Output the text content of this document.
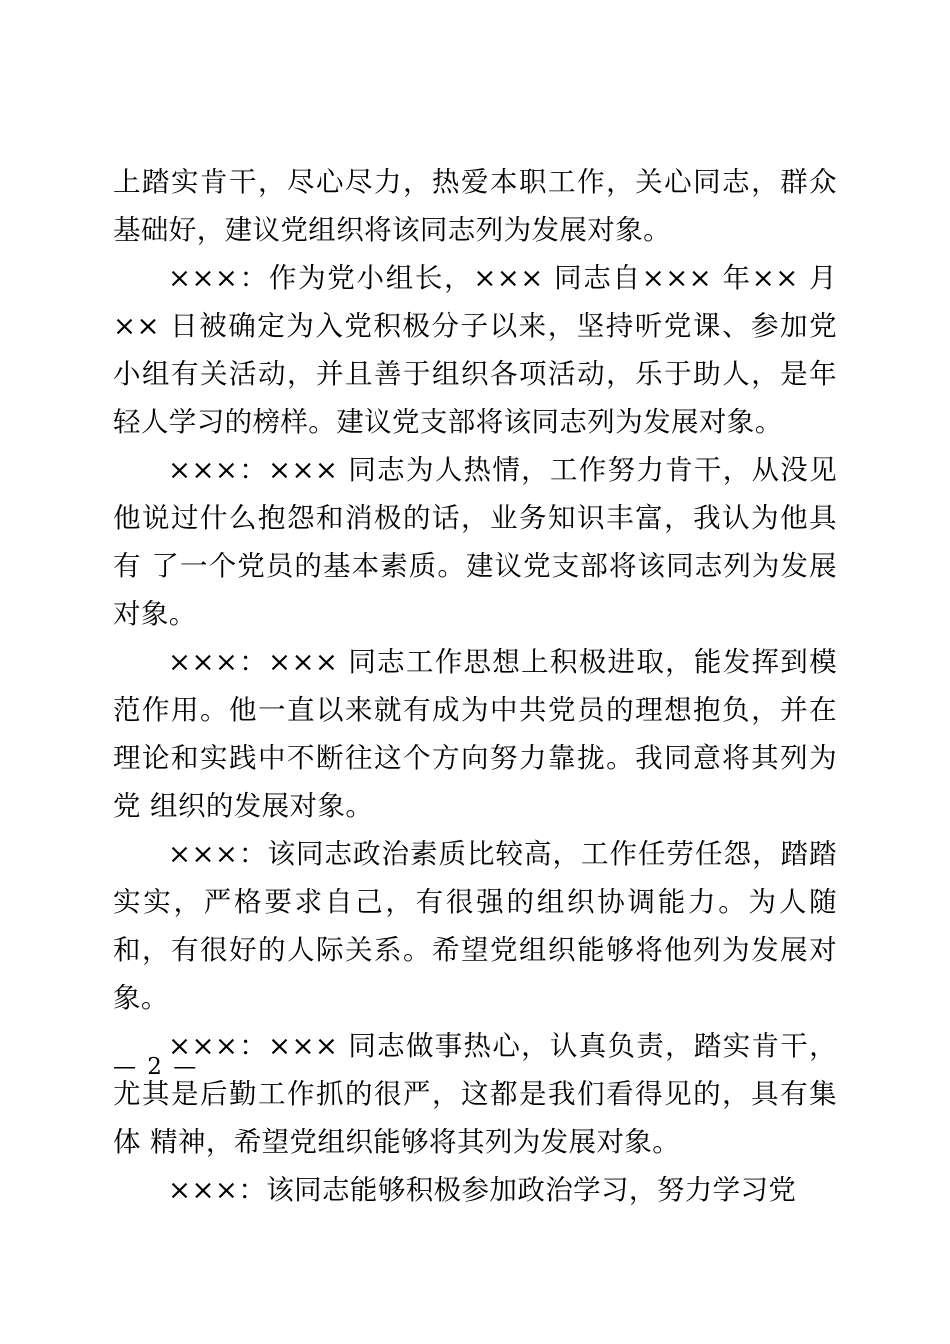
上踏实肯干，尽心尽力，热爱本职工作，关心同志，群众 基础好，建议党组织将该同志列为发展对象。

×××：作为党小组长，××× 同志自××× 年×× 月×× 日被确定为入党积极分子以来，坚持听党课、参加党小组有关活动，并且善于组织各项活动，乐于助人，是年轻人学习的榜样。建议党支部将该同志列为发展对象。

×××：××× 同志为人热情，工作努力肯干，从没见他说过什么抱怨和消极的话，业务知识丰富，我认为他具有 了一个党员的基本素质。建议党支部将该同志列为发展对象。

×××：××× 同志工作思想上积极进取，能发挥到模范作用。他一直以来就有成为中共党员的理想抱负，并在理论和实践中不断往这个方向努力靠拢。我同意将其列为党 组织的发展对象。

×××：该同志政治素质比较高，工作任劳任怨，踏踏实实，严格要求自己，有很强的组织协调能力。为人随 和，有很好的人际关系。希望党组织能够将他列为发展对 象。

×××：××× 同志做事热心，认真负责，踏实肯干，尤其是后勤工作抓的很严，这都是我们看得见的，具有集体 精神，希望党组织能够将其列为发展对象。

×××：该同志能够积极参加政治学习，努力学习党

— 2 —
